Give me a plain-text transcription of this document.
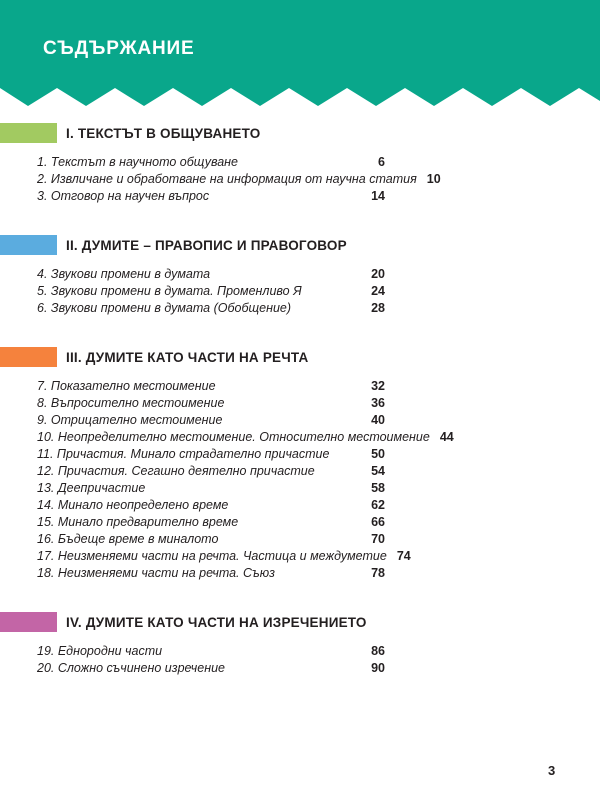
СЪДЪРЖАНИЕ
I. ТЕКСТЪТ В ОБЩУВАНЕТО
1. Текстът в научното общуване	6
2. Извличане и обработване на информация от научна статия 10
3. Отговор на научен въпрос	14
II. ДУМИТЕ – ПРАВОПИС И ПРАВОГОВОР
4. Звукови промени в думата	20
5. Звукови промени в думата. Променливо Я	24
6. Звукови промени в думата (Обобщение)	28
III. ДУМИТЕ КАТО ЧАСТИ НА РЕЧТА
7. Показателно местоимение	32
8. Въпросително местоимение	36
9. Отрицателно местоимение	40
10. Неопределително местоимение. Относително местоимение 44
11. Причастия. Минало страдателно причастие	50
12. Причастия. Сегашно деятелно причастие	54
13. Деепричастие	58
14. Минало неопределено време	62
15. Минало предварително време	66
16. Бъдеще време в миналото	70
17. Неизменяеми части на речта. Частица и междуметие 74
18. Неизменяеми части на речта. Съюз	78
IV. ДУМИТЕ КАТО ЧАСТИ НА ИЗРЕЧЕНИЕТО
19. Еднородни части	86
20. Сложно съчинено изречение	90
3
